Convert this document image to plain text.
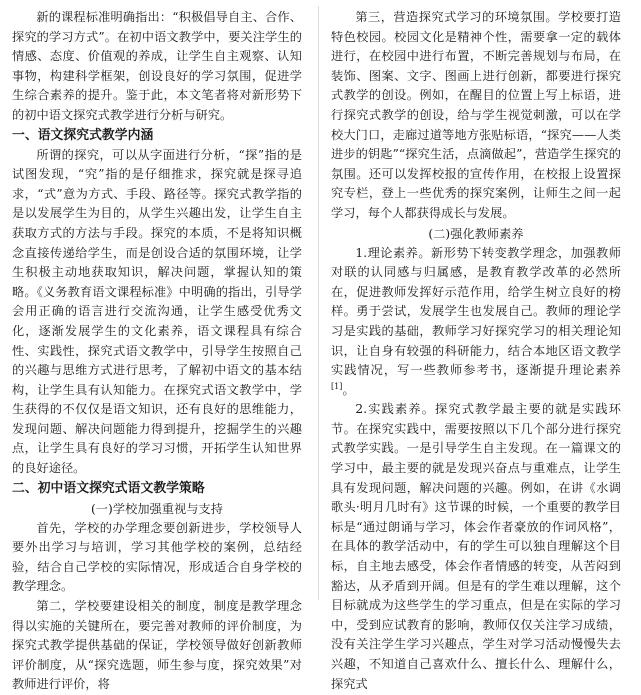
新的课程标准明确指出：“积极倡导自主、合作、探究的学习方式”。在初中语文教学中，要关注学生的情感、态度、价值观的养成，让学生自主观察、认知事物，构建科学框架，创设良好的学习氛围，促进学生综合素养的提升。鉴于此，本文笔者将对新形势下的初中语文探究式教学进行分析与研究。

一、语文探究式教学内涵

所谓的探究，可以从字面进行分析，“探”指的是试图发现，“究”指的是仔细推求，探究就是探寻追求，“式”意为方式、手段、路径等。探究式教学指的是以发展学生为目的，从学生兴趣出发，让学生自主获取方式的方法与手段。探究的本质，不是将知识概念直接传递给学生，而是创设合适的氛围环境，让学生积极主动地获取知识，解决问题，掌握认知的策略。《义务教育语文课程标准》中明确的指出，引导学会用正确的语言进行交流沟通，让学生感受优秀文化，逐渐发展学生的文化素养，语文课程具有综合性、实践性，探究式语文教学中，引导学生按照自己的兴趣与思维方式进行思考，了解初中语文的基本结构，让学生具有认知能力。在探究式语文教学中，学生获得的不仅仅是语文知识，还有良好的思维能力，发现问题、解决问题能力得到提升，挖掘学生的兴趣点，让学生具有良好的学习习惯，开拓学生认知世界的良好途径。

二、初中语文探究式语文教学策略
(一)学校加强重视与支持

首先，学校的办学理念要创新进步，学校领导人要外出学习与培训，学习其他学校的案例，总结经验，结合自己学校的实际情况，形成适合自身学校的教学理念。

第二，学校要建设相关的制度，制度是教学理念得以实施的关键所在，要完善对教师的评价制度，为探究式教学提供基础的保证，学校领导做好创新教师评价制度，从“探究选题，师生参与度，探究效果”对教师进行评价，将

第三，营造探究式学习的环境氛围。学校要打造特色校园。校园文化是精神个性，需要拿一定的载体进行，在校园中进行布置，不断完善规划与布局，在装饰、图案、文字、图画上进行创新，都要进行探究式教学的创设。例如，在醒目的位置上写上标语，进行探究式教学的创设，给与学生视觉刺激，可以在学校大门口，走廊过道等地方张贴标语，“探究——人类进步的钥匙”“探究生活，点滴做起”，营造学生探究的氛围。还可以发挥校报的宣传作用，在校报上设置探究专栏，登上一些优秀的探究案例，让师生之间一起学习，每个人都获得成长与发展。

(二)强化教师素养

1.理论素养。新形势下转变教学理念，加强教师对联的认同感与归属感，是教育教学改革的必然所在，促进教师发挥好示范作用，给学生树立良好的榜样。勇于尝试，发展学生也发展自己。教师的理论学习是实践的基础，教师学习好探究学习的相关理论知识，让自身有较强的科研能力，结合本地区语文教学实践情况，写一些教师参考书，逐渐提升理论素养[1]。

2.实践素养。探究式教学最主要的就是实践环节。在探究实践中，需要按照以下几个部分进行探究式教学实践。一是引导学生自主发现。在一篇课文的学习中，最主要的就是发现兴奋点与重难点，让学生具有发现问题，解决问题的兴趣。例如，在讲《水调歌头·明月几时有》这节课的时候，一个重要的教学目标是“通过朗诵与学习，体会作者豪放的作词风格”，在具体的教学活动中，有的学生可以独自理解这个目标，自主地去感受，体会作者情感的转变，从苦闷到豁达，从矛盾到开阔。但是有的学生难以理解，这个目标就成为这些学生的学习重点，但是在实际的学习中，受到应试教育的影响，教师仅仅关注学习成绩，没有关注学生学习兴趣点，学生对学习活动慢慢失去兴趣，不知道自己喜欢什么、擅长什么、理解什么，探究式
